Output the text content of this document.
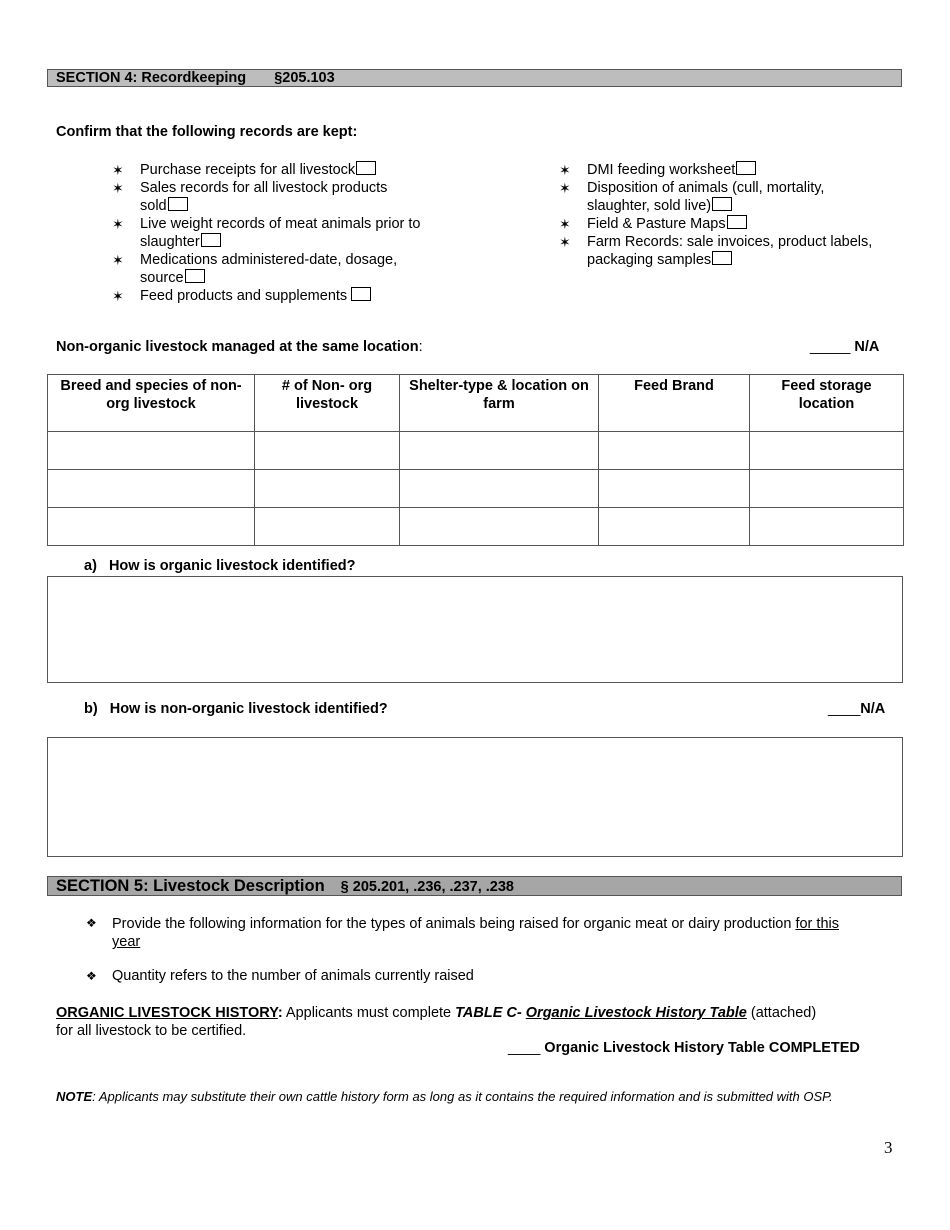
SECTION 4: Recordkeeping §205.103
Confirm that the following records are kept:
✶ Purchase receipts for all livestock
✶ Sales records for all livestock products
sold
✶ Live weight records of meat animals prior to
slaughter
✶ Medications administered-date, dosage,
source
✶ Feed products and supplements
✶ DMI feeding worksheet
✶ Disposition of animals (cull, mortality,
slaughter, sold live)
✶ Field & Pasture Maps
✶ Farm Records: sale invoices, product labels,
packaging samples
Non-organic livestock managed at the same location:	_____ N/A
Breed and species of non-org livestock	# of Non- org livestock	Shelter-type & location on farm	Feed Brand	Feed storage location

a) How is organic livestock identified?
b) How is non-organic livestock identified?	____N/A
SECTION 5: Livestock Description § 205.201, .236, .237, .238
❖ Provide the following information for the types of animals being raised for organic meat or dairy production for this
year
❖ Quantity refers to the number of animals currently raised
ORGANIC LIVESTOCK HISTORY: Applicants must complete TABLE C- Organic Livestock History Table (attached)
for all livestock to be certified.
____ Organic Livestock History Table COMPLETED
NOTE: Applicants may substitute their own cattle history form as long as it contains the required information and is submitted with OSP.
3
